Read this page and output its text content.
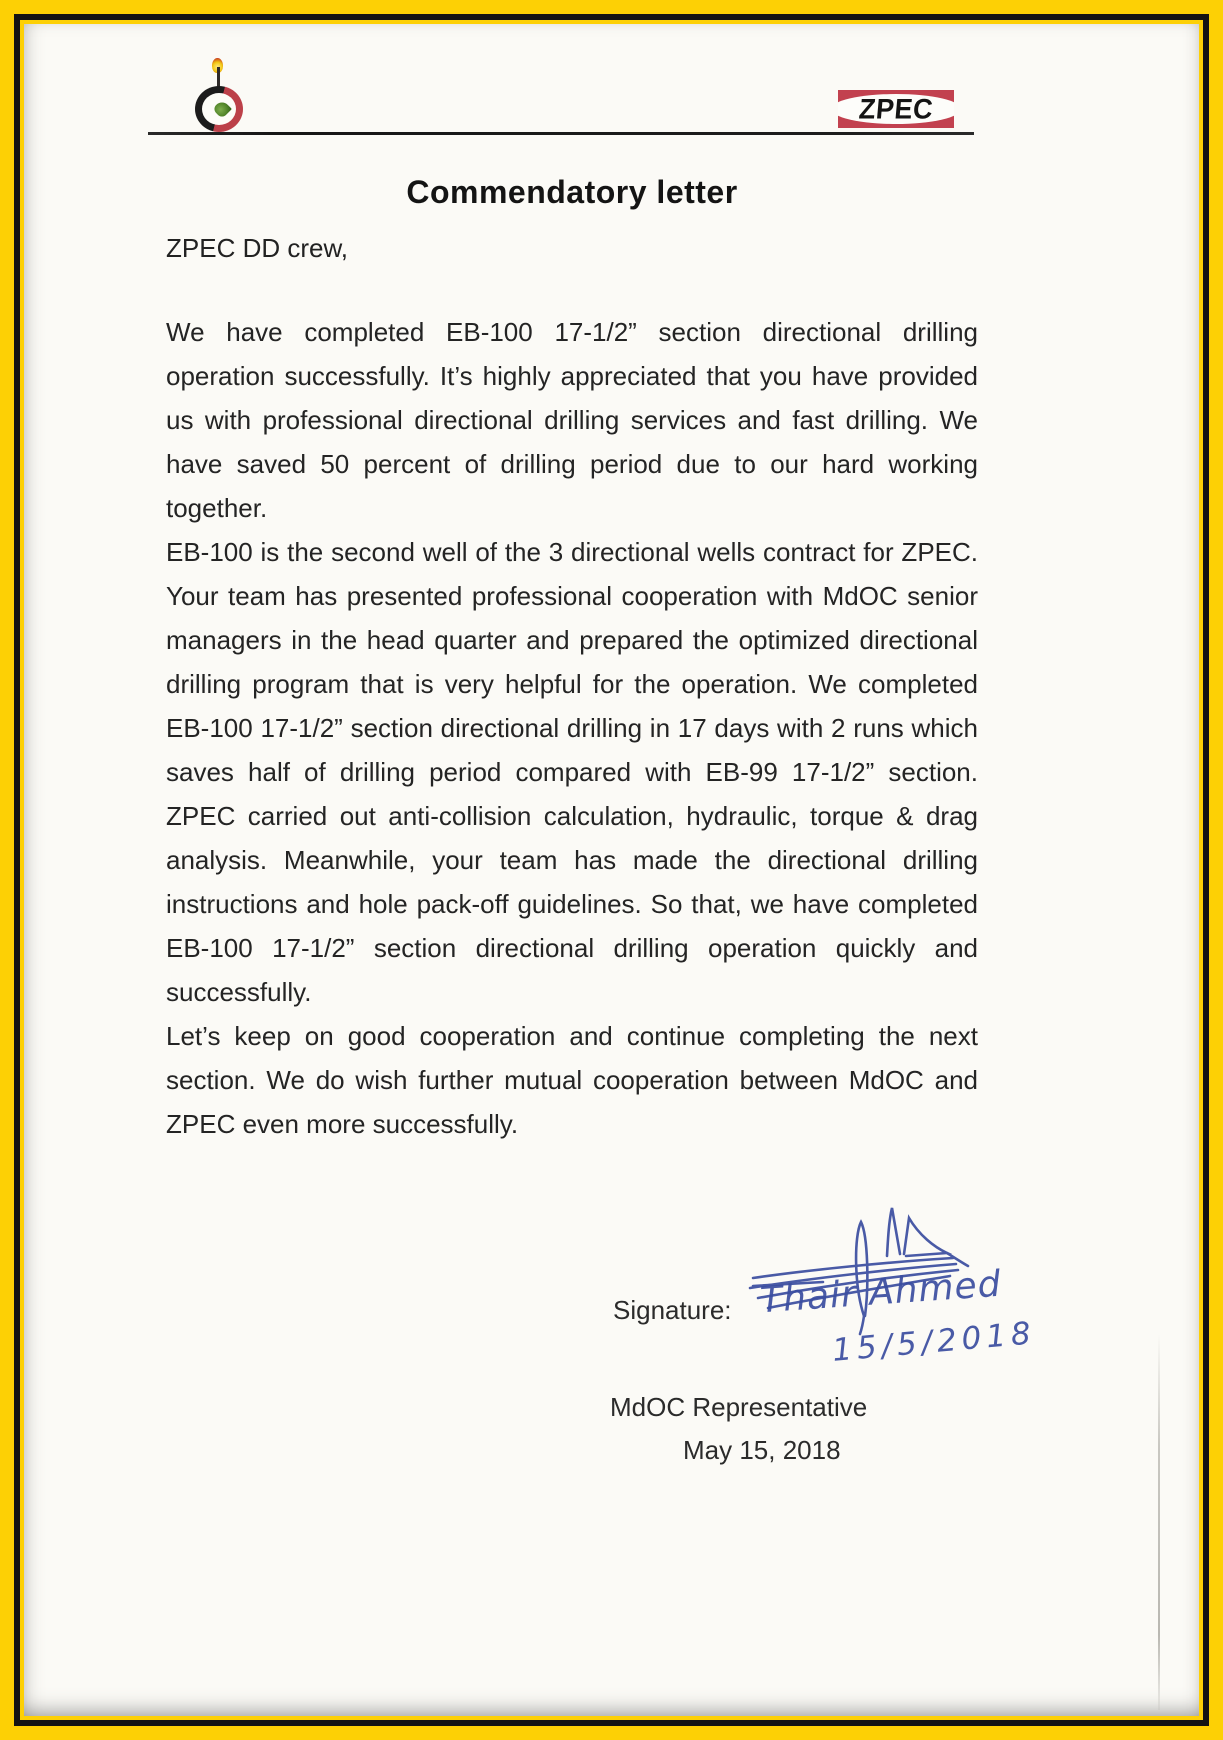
ZPEC
Commendatory letter
ZPEC DD crew,

We have completed EB-100 17-1/2” section directional drilling operation successfully. It’s highly appreciated that you have provided us with professional directional drilling services and fast drilling. We have saved 50 percent of drilling period due to our hard working together.

EB-100 is the second well of the 3 directional wells contract for ZPEC. Your team has presented professional cooperation with MdOC senior managers in the head quarter and prepared the optimized directional drilling program that is very helpful for the operation. We completed EB-100 17-1/2” section directional drilling in 17 days with 2 runs which saves half of drilling period compared with EB-99 17-1/2” section. ZPEC carried out anti-collision calculation, hydraulic, torque & drag analysis. Meanwhile, your team has made the directional drilling instructions and hole pack-off guidelines. So that, we have completed EB-100 17-1/2” section directional drilling operation quickly and successfully.

Let’s keep on good cooperation and continue completing the next section. We do wish further mutual cooperation between MdOC and ZPEC even more successfully.

Thair Ahmed
15/5/2018
Signature:
MdOC Representative
May 15, 2018
